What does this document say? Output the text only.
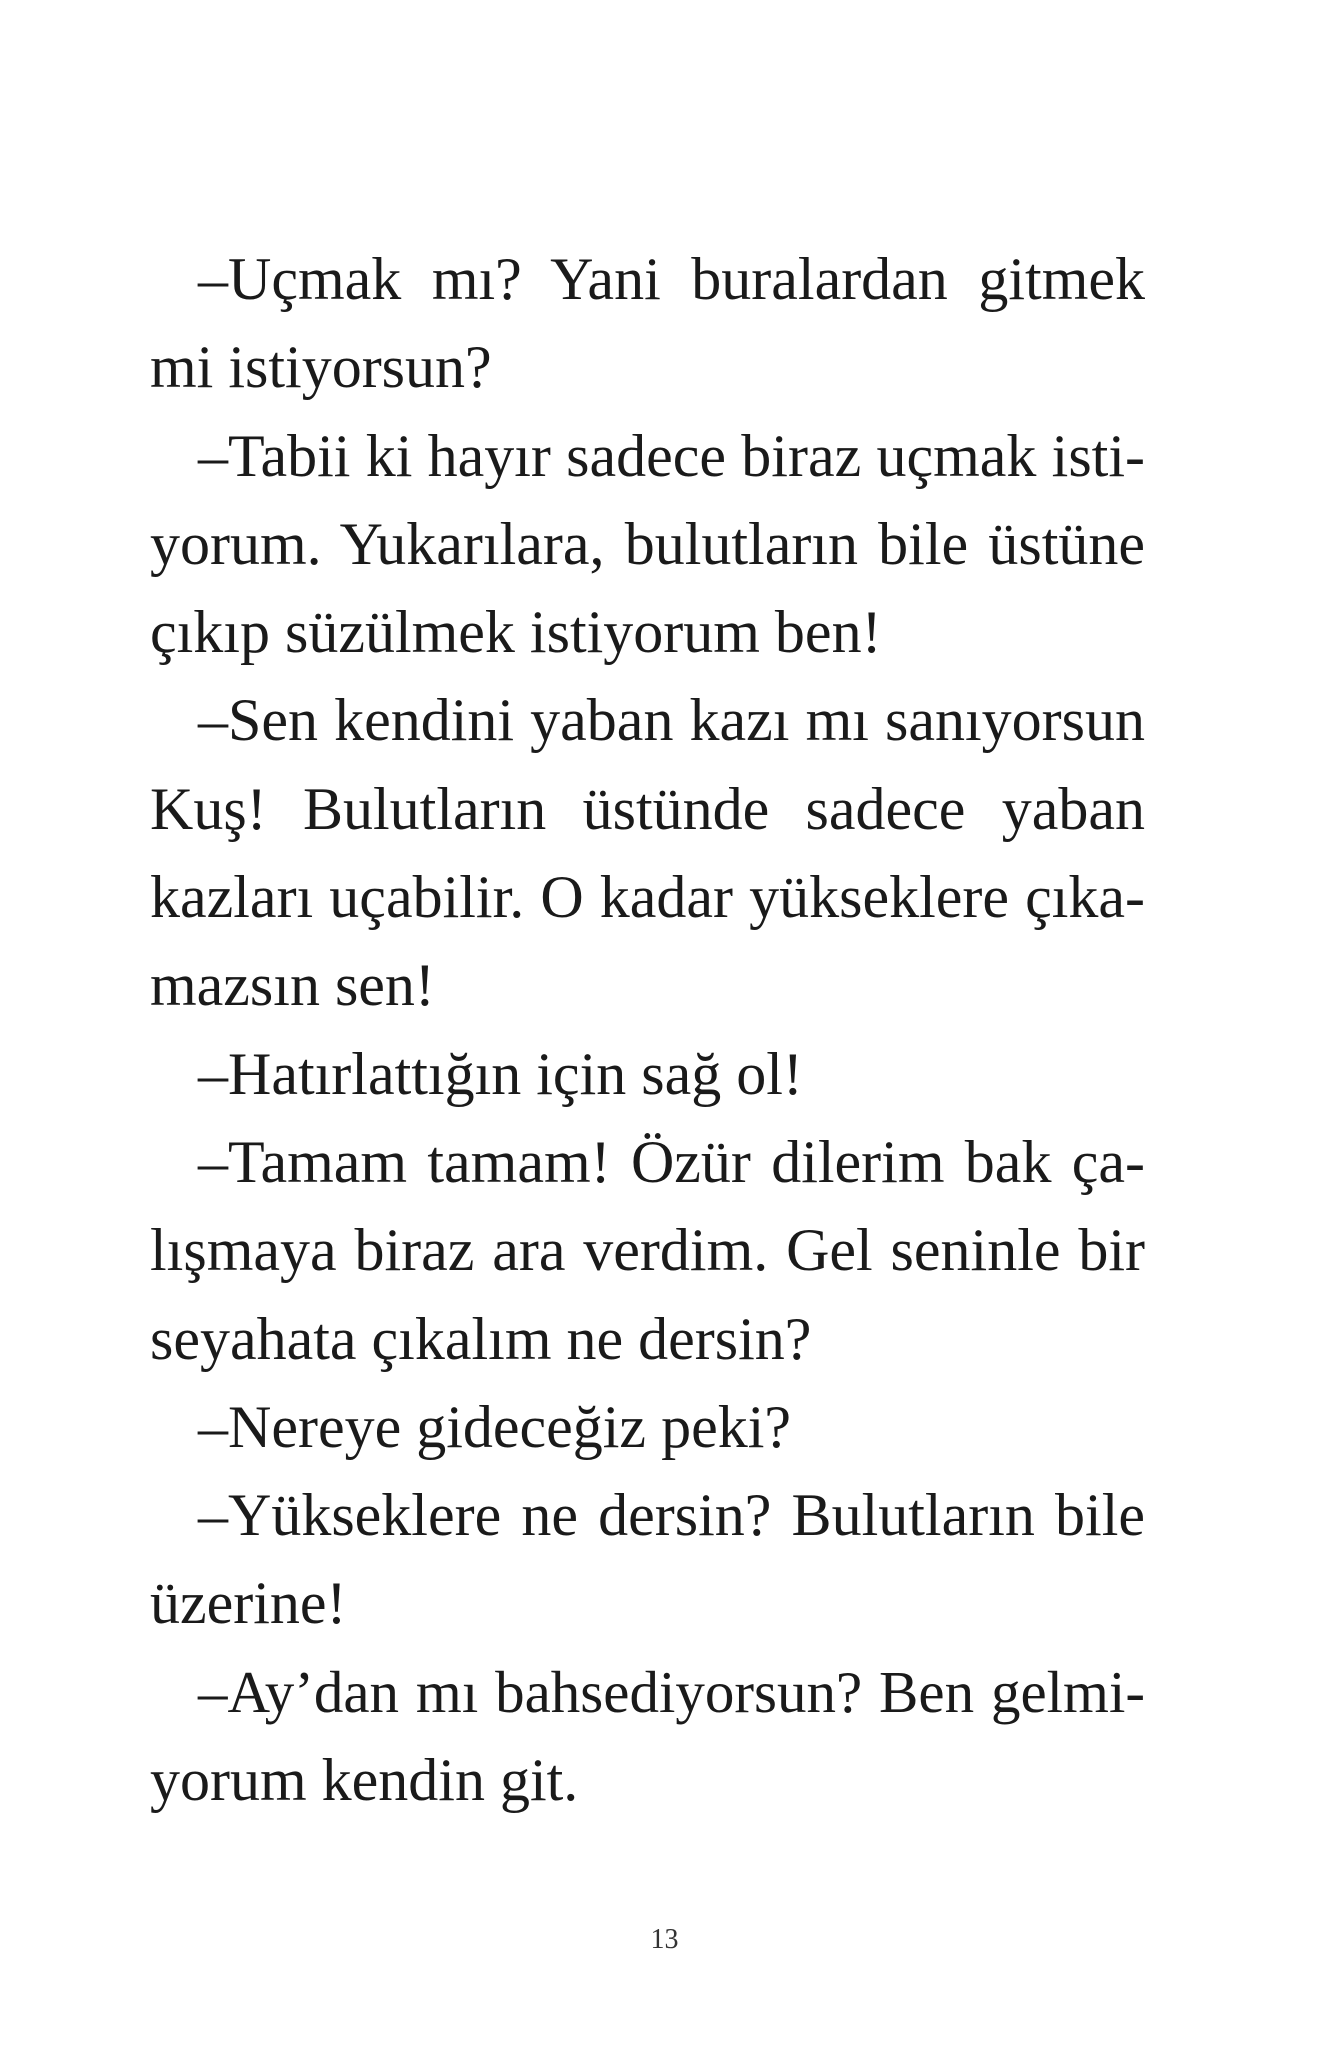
–Uçmak mı? Yani buralardan gitmek
mi istiyorsun?
–Tabii ki hayır sadece biraz uçmak isti-
yorum. Yukarılara, bulutların bile üstüne
çıkıp süzülmek istiyorum ben!
–Sen kendini yaban kazı mı sanıyorsun
Kuş! Bulutların üstünde sadece yaban
kazları uçabilir. O kadar yükseklere çıka-
mazsın sen!
–Hatırlattığın için sağ ol!
–Tamam tamam! Özür dilerim bak ça-
lışmaya biraz ara verdim. Gel seninle bir
seyahata çıkalım ne dersin?
–Nereye gideceğiz peki?
–Yükseklere ne dersin? Bulutların bile
üzerine!
–Ay’dan mı bahsediyorsun? Ben gelmi-
yorum kendin git.
13
